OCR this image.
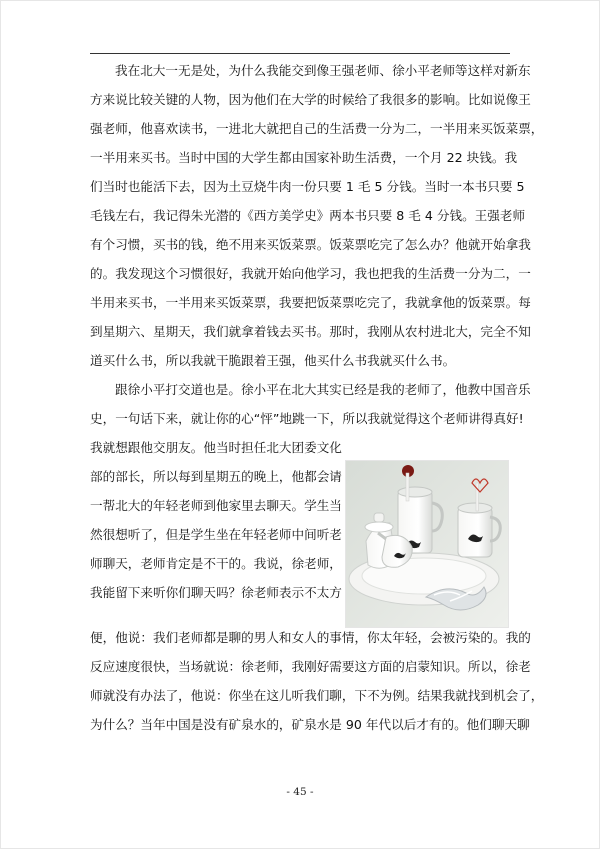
我在北大一无是处，为什么我能交到像王强老师、徐小平老师等这样对新东
方来说比较关键的人物，因为他们在大学的时候给了我很多的影响。比如说像王
强老师，他喜欢读书，一进北大就把自己的生活费一分为二，一半用来买饭菜票，
一半用来买书。当时中国的大学生都由国家补助生活费，一个月 22 块钱。我
们当时也能活下去，因为土豆烧牛肉一份只要 1 毛 5 分钱。当时一本书只要 5
毛钱左右，我记得朱光潜的《西方美学史》两本书只要 8 毛 4 分钱。王强老师
有个习惯，买书的钱，绝不用来买饭菜票。饭菜票吃完了怎么办？他就开始拿我
的。我发现这个习惯很好，我就开始向他学习，我也把我的生活费一分为二，一
半用来买书，一半用来买饭菜票，我要把饭菜票吃完了，我就拿他的饭菜票。每
到星期六、星期天，我们就拿着钱去买书。那时，我刚从农村进北大，完全不知
道买什么书，所以我就干脆跟着王强，他买什么书我就买什么书。
跟徐小平打交道也是。徐小平在北大其实已经是我的老师了，他教中国音乐
史，一句话下来，就让你的心“怦”地跳一下，所以我就觉得这个老师讲得真好!
我就想跟他交朋友。他当时担任北大团委文化
部的部长，所以每到星期五的晚上，他都会请
一帮北大的年轻老师到他家里去聊天。学生当
然很想听了，但是学生坐在年轻老师中间听老
师聊天，老师肯定是不干的。我说，徐老师，
我能留下来听你们聊天吗？徐老师表示不太方
便，他说：我们老师都是聊的男人和女人的事情，你太年轻，会被污染的。我的
反应速度很快，当场就说：徐老师，我刚好需要这方面的启蒙知识。所以，徐老
师就没有办法了，他说：你坐在这儿听我们聊，下不为例。结果我就找到机会了，
为什么？当年中国是没有矿泉水的，矿泉水是 90 年代以后才有的。他们聊天聊
- 45 -
